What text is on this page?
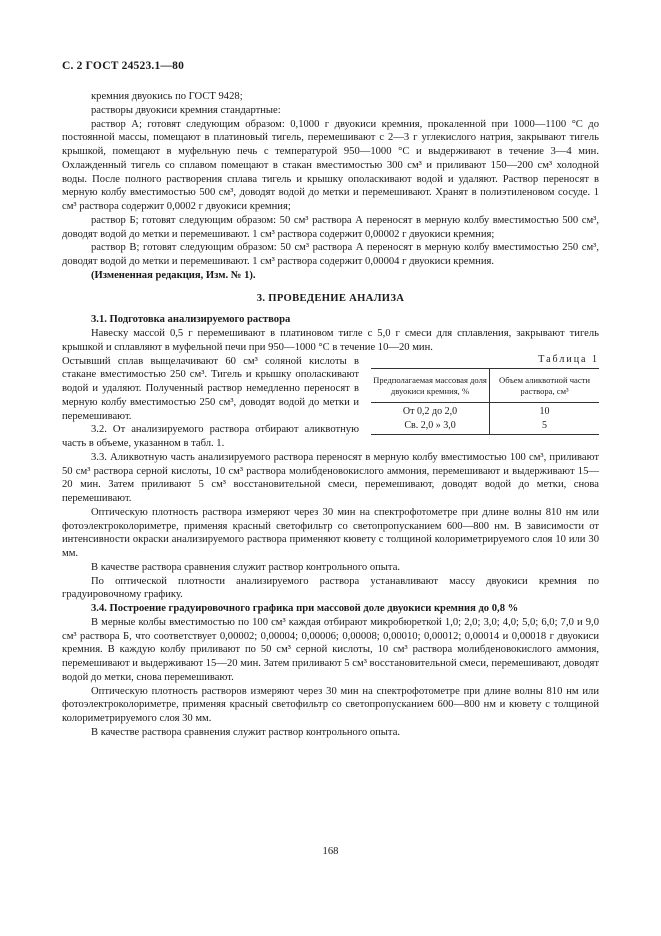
С. 2 ГОСТ 24523.1—80

кремния двуокись по ГОСТ 9428;

растворы двуокиси кремния стандартные:

раствор А; готовят следующим образом: 0,1000 г двуокиси кремния, прокаленной при 1000—1100 °С до постоянной массы, помещают в платиновый тигель, перемешивают с 2—3 г углекислого натрия, закрывают тигель крышкой, помещают в муфельную печь с температурой 950—1000 °С и выдерживают в течение 3—4 мин. Охлажденный тигель со сплавом помещают в стакан вместимостью 300 см³ и приливают 150—200 см³ холодной воды. После полного растворения сплава тигель и крышку ополаскивают водой и удаляют. Раствор переносят в мерную колбу вместимостью 500 см³, доводят водой до метки и перемешивают. Хранят в полиэтиленовом сосуде. 1 см³ раствора содержит 0,0002 г двуокиси кремния;

раствор Б; готовят следующим образом: 50 см³ раствора А переносят в мерную колбу вместимостью 500 см³, доводят водой до метки и перемешивают. 1 см³ раствора содержит 0,00002 г двуокиси кремния;

раствор В; готовят следующим образом: 50 см³ раствора А переносят в мерную колбу вместимостью 250 см³, доводят водой до метки и перемешивают. 1 см³ раствора содержит 0,00004 г двуокиси кремния.

(Измененная редакция, Изм. № 1).

3. ПРОВЕДЕНИЕ АНАЛИЗА

3.1. Подготовка анализируемого раствора

Навеску массой 0,5 г перемешивают в платиновом тигле с 5,0 г смеси для сплавления, закрывают тигель крышкой и сплавляют в муфельной печи при 950—1000 °С в течение 10—20 мин.

Таблица 1
Предполагаемая массовая доля двуокиси кремния, %	Объем аликвотной части раствора, см³
От 0,2 до 2,0	10
Св. 2,0 » 3,0	5

Остывший сплав выщелачивают 60 см³ соляной кислоты в стакане вместимостью 250 см³. Тигель и крышку ополаскивают водой и удаляют. Полученный раствор немедленно переносят в мерную колбу вместимостью 250 см³, доводят водой до метки и перемешивают.

3.2. От анализируемого раствора отбирают аликвотную часть в объеме, указанном в табл. 1.

3.3. Аликвотную часть анализируемого раствора переносят в мерную колбу вместимостью 100 см³, приливают 50 см³ раствора серной кислоты, 10 см³ раствора молибденовокислого аммония, перемешивают и выдерживают 15—20 мин. Затем приливают 5 см³ восстановительной смеси, перемешивают, доводят водой до метки, снова перемешивают.

Оптическую плотность раствора измеряют через 30 мин на спектрофотометре при длине волны 810 нм или фотоэлектроколориметре, применяя красный светофильтр со светопропусканием 600—800 нм. В зависимости от интенсивности окраски анализируемого раствора применяют кювету с толщиной колориметрируемого слоя 10 или 30 мм.

В качестве раствора сравнения служит раствор контрольного опыта.

По оптической плотности анализируемого раствора устанавливают массу двуокиси кремния по градуировочному графику.

3.4. Построение градуировочного графика при массовой доле двуокиси кремния до 0,8 %

В мерные колбы вместимостью по 100 см³ каждая отбирают микробюреткой 1,0; 2,0; 3,0; 4,0; 5,0; 6,0; 7,0 и 9,0 см³ раствора Б, что соответствует 0,00002; 0,00004; 0,00006; 0,00008; 0,00010; 0,00012; 0,00014 и 0,00018 г двуокиси кремния. В каждую колбу приливают по 50 см³ серной кислоты, 10 см³ раствора молибденовокислого аммония, перемешивают и выдерживают 15—20 мин. Затем приливают 5 см³ восстановительной смеси, перемешивают, доводят водой до метки, снова перемешивают.

Оптическую плотность растворов измеряют через 30 мин на спектрофотометре при длине волны 810 нм или фотоэлектроколориметре, применяя красный светофильтр со светопропусканием 600—800 нм и кювету с толщиной колориметрируемого слоя 30 мм.

В качестве раствора сравнения служит раствор контрольного опыта.

168
